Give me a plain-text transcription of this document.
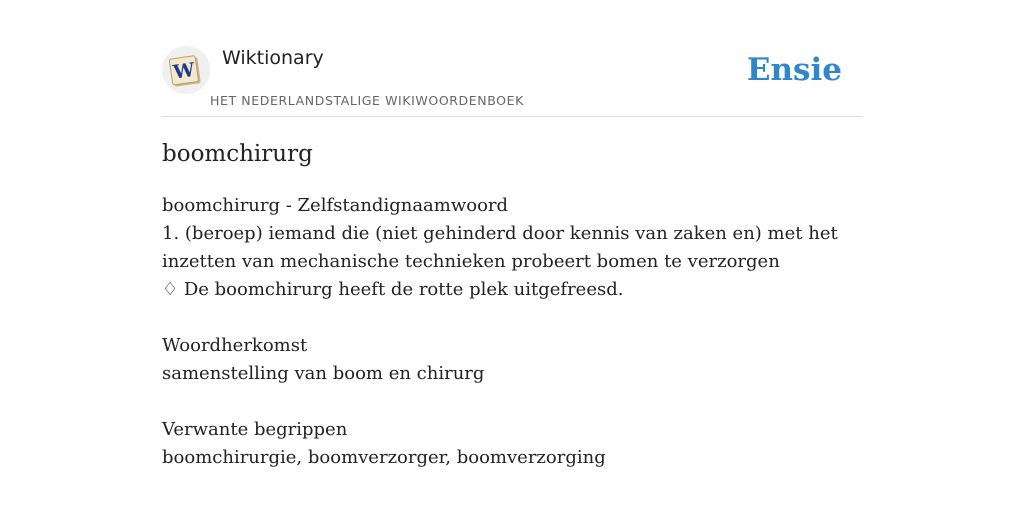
W
Wiktionary
HET NEDERLANDSTALIGE WIKIWOORDENBOEK
Ensie
boomchirurg
boomchirurg - Zelfstandignaamwoord
1. (beroep) iemand die (niet gehinderd door kennis van zaken en) met het
inzetten van mechanische technieken probeert bomen te verzorgen
♢ De boomchirurg heeft de rotte plek uitgefreesd.
Woordherkomst
samenstelling van boom en chirurg
Verwante begrippen
boomchirurgie, boomverzorger, boomverzorging
